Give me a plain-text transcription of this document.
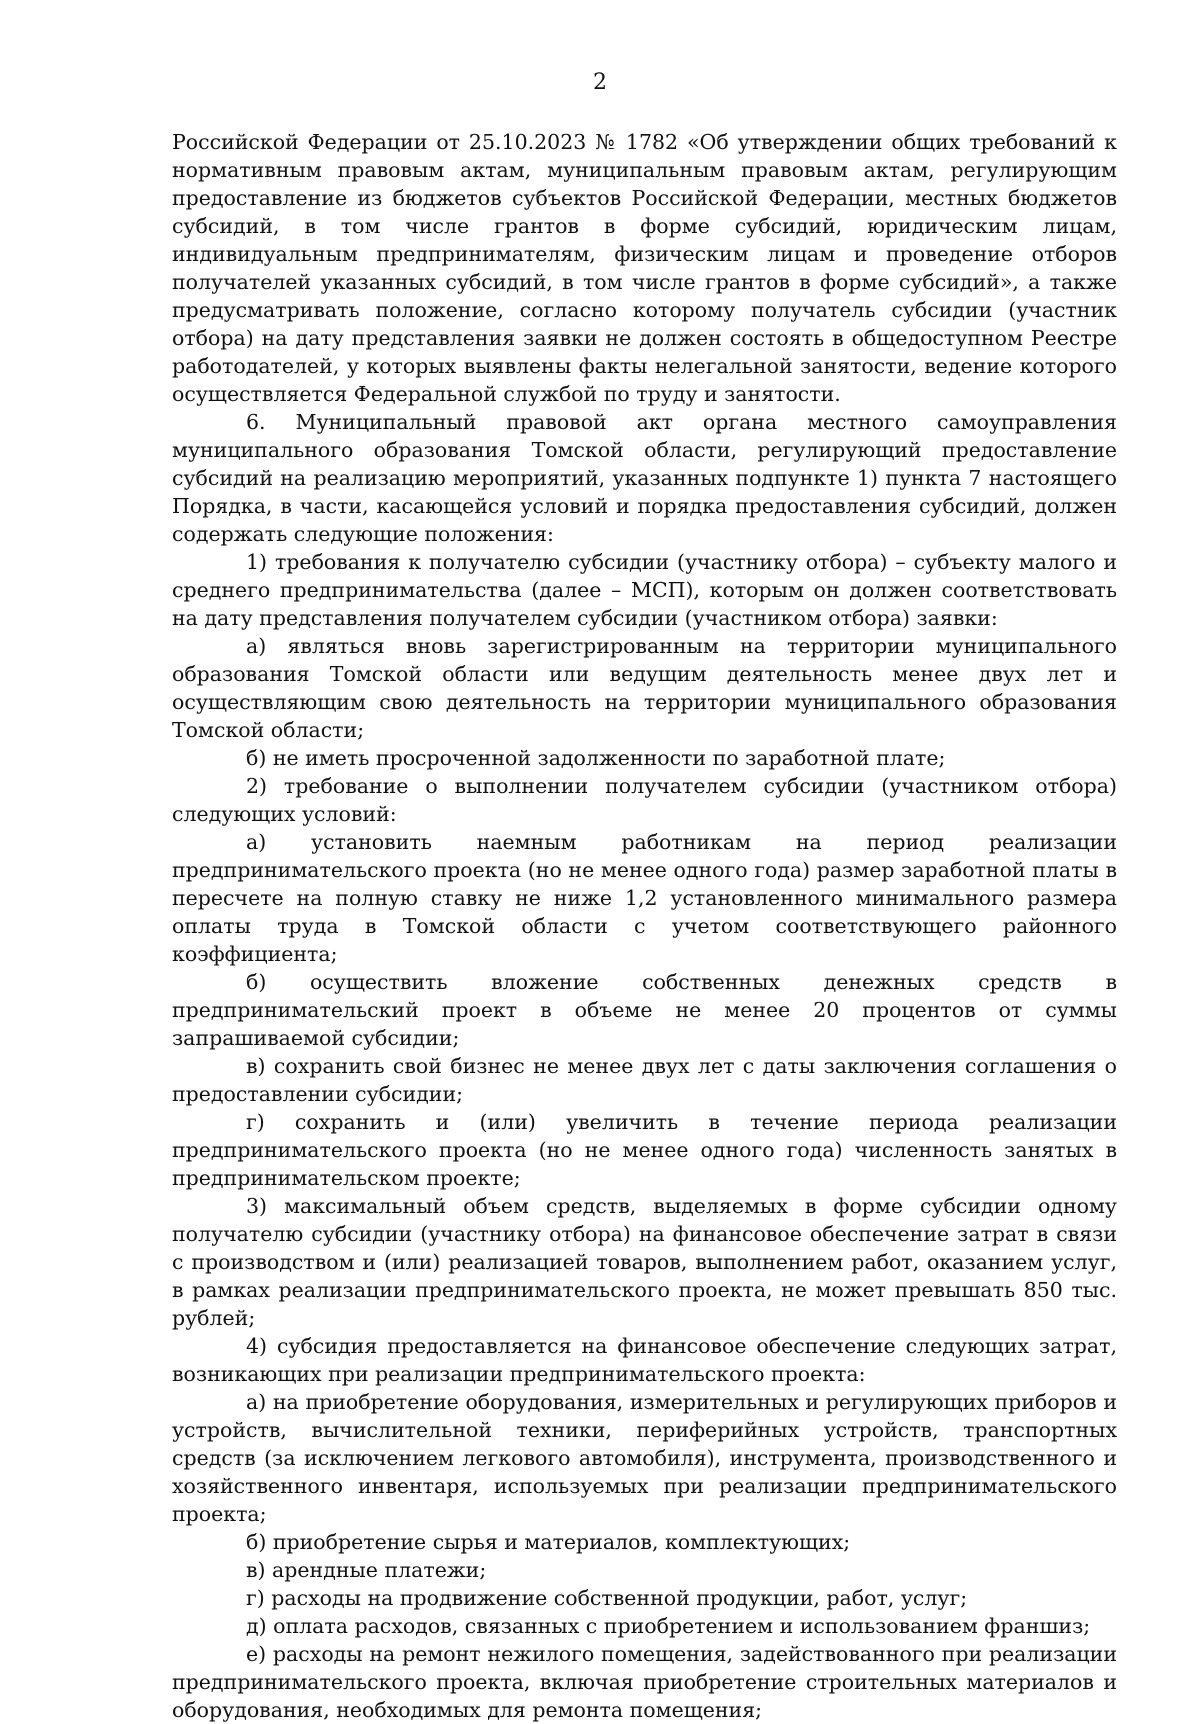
2

Российской Федерации от 25.10.2023 № 1782 «Об утверждении общих требований к нормативным правовым актам, муниципальным правовым актам, регулирующим предоставление из бюджетов субъектов Российской Федерации, местных бюджетов субсидий, в том числе грантов в форме субсидий, юридическим лицам, индивидуальным предпринимателям, физическим лицам и проведение отборов получателей указанных субсидий, в том числе грантов в форме субсидий», а также предусматривать положение, согласно которому получатель субсидии (участник отбора) на дату представления заявки не должен состоять в общедоступном Реестре работодателей, у которых выявлены факты нелегальной занятости, ведение которого осуществляется Федеральной службой по труду и занятости.

6. Муниципальный правовой акт органа местного самоуправления муниципального образования Томской области, регулирующий предоставление субсидий на реализацию мероприятий, указанных подпункте 1) пункта 7 настоящего Порядка, в части, касающейся условий и порядка предоставления субсидий, должен содержать следующие положения:

1) требования к получателю субсидии (участнику отбора) – субъекту малого и среднего предпринимательства (далее – МСП), которым он должен соответствовать на дату представления получателем субсидии (участником отбора) заявки:

а) являться вновь зарегистрированным на территории муниципального образования Томской области или ведущим деятельность менее двух лет и осуществляющим свою деятельность на территории муниципального образования Томской области;

б) не иметь просроченной задолженности по заработной плате;

2) требование о выполнении получателем субсидии (участником отбора) следующих условий:

а) установить наемным работникам на период реализации предпринимательского проекта (но не менее одного года) размер заработной платы в пересчете на полную ставку не ниже 1,2 установленного минимального размера оплаты труда в Томской области с учетом соответствующего районного коэффициента;

б) осуществить вложение собственных денежных средств в предпринимательский проект в объеме не менее 20 процентов от суммы запрашиваемой субсидии;

в) сохранить свой бизнес не менее двух лет с даты заключения соглашения о предоставлении субсидии;

г) сохранить и (или) увеличить в течение периода реализации предпринимательского проекта (но не менее одного года) численность занятых в предпринимательском проекте;

3) максимальный объем средств, выделяемых в форме субсидии одному получателю субсидии (участнику отбора) на финансовое обеспечение затрат в связи с производством и (или) реализацией товаров, выполнением работ, оказанием услуг, в рамках реализации предпринимательского проекта, не может превышать 850 тыс. рублей;

4) субсидия предоставляется на финансовое обеспечение следующих затрат, возникающих при реализации предпринимательского проекта:

а) на приобретение оборудования, измерительных и регулирующих приборов и устройств, вычислительной техники, периферийных устройств, транспортных средств (за исключением легкового автомобиля), инструмента, производственного и хозяйственного инвентаря, используемых при реализации предпринимательского проекта;

б) приобретение сырья и материалов, комплектующих;

в) арендные платежи;

г) расходы на продвижение собственной продукции, работ, услуг;

д) оплата расходов, связанных с приобретением и использованием франшиз;

е) расходы на ремонт нежилого помещения, задействованного при реализации предпринимательского проекта, включая приобретение строительных материалов и оборудования, необходимых для ремонта помещения;
